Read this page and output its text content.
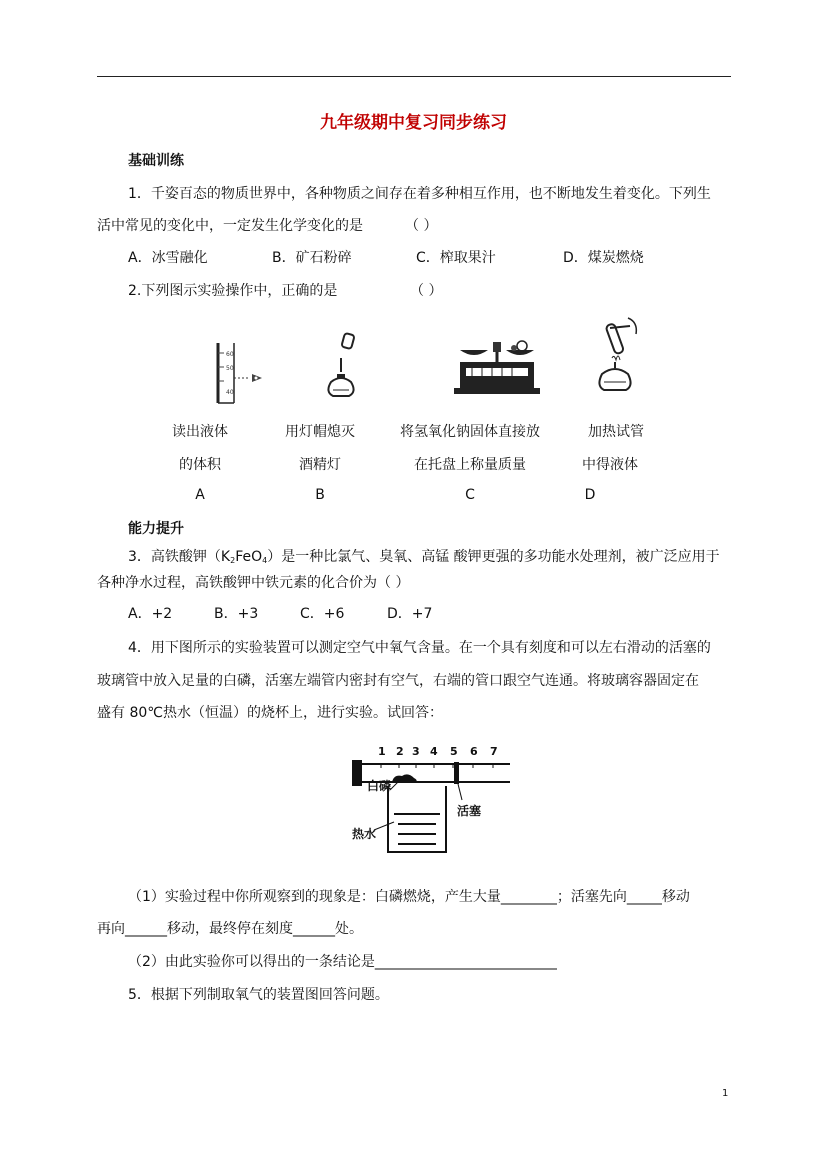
九年级期中复习同步练习
基础训练
1．千姿百态的物质世界中，各种物质之间存在着多种相互作用，也不断地发生着变化。下列生
活中常见的变化中，一定发生化学变化的是	（ ）
A．冰雪融化	B．矿石粉碎	C．榨取果汁	D．煤炭燃烧
2.下列图示实验操作中，正确的是	（ ）
60
50
40
读出液体
的体积
A
用灯帽熄灭
酒精灯
B
将氢氧化钠固体直接放
在托盘上称量质量
C
加热试管
中得液体
D
能力提升
3．高铁酸钾$(K_2FeO_4)$是一种比氯气、臭氧、高锰 酸钾更强的多功能水处理剂，被广泛应用于
各种净水过程，高铁酸钾中铁元素的化合价为（ ）
A．+2	B．+3	C．+6	D．+7
4．用下图所示的实验装置可以测定空气中氧气含量。在一个具有刻度和可以左右滑动的活塞的
玻璃管中放入足量的白磷，活塞左端管内密封有空气，右端的管口跟空气连通。将玻璃容器固定在
盛有 80℃热水（恒温）的烧杯上，进行实验。试回答：
1 2 3 4 5 6 7
白磷
热水
活塞
（1）实验过程中你所观察到的现象是：白磷燃烧，产生大量________；活塞先向_____移动
再向______移动，最终停在刻度______处。
（2）由此实验你可以得出的一条结论是__________________________
5．根据下列制取氧气的装置图回答问题。
1
